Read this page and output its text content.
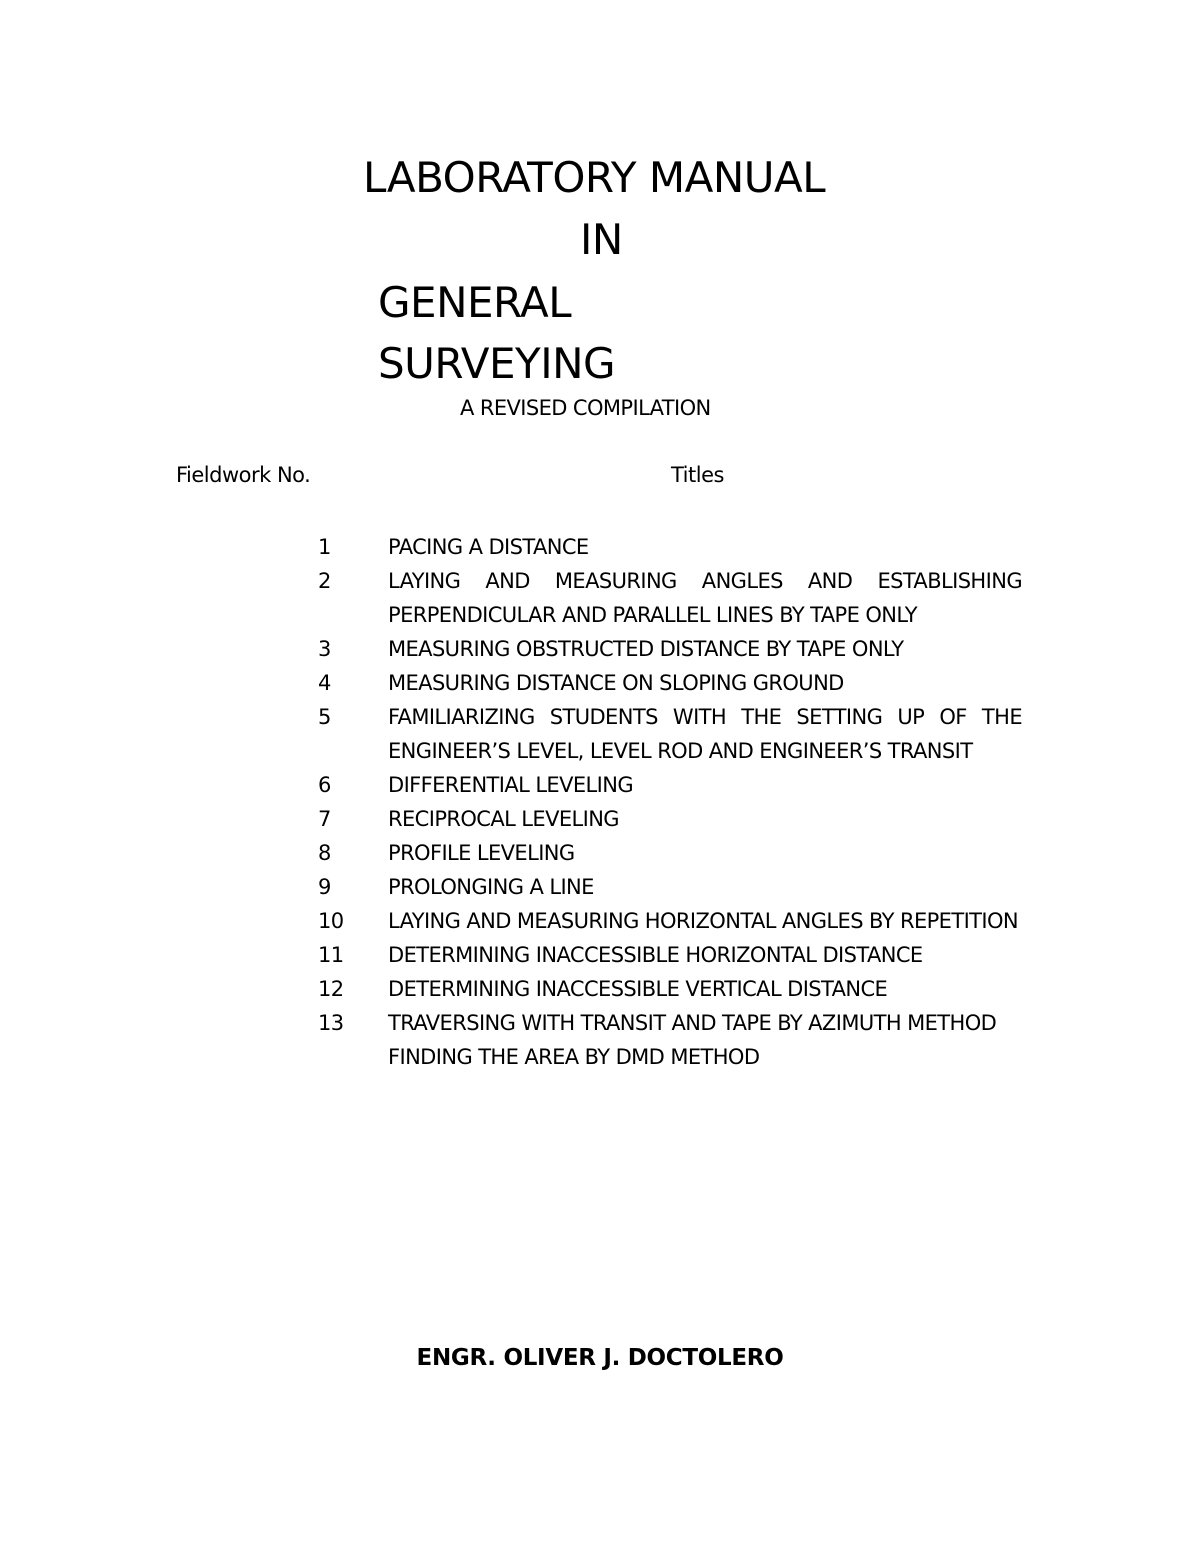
LABORATORY MANUAL
IN
GENERAL
SURVEYING
A REVISED COMPILATION
Fieldwork No.	Titles
1	PACING A DISTANCE
2	LAYING AND MEASURING ANGLES AND ESTABLISHING PERPENDICULAR AND PARALLEL LINES BY TAPE ONLY
3	MEASURING OBSTRUCTED DISTANCE BY TAPE ONLY
4	MEASURING DISTANCE ON SLOPING GROUND
5	FAMILIARIZING STUDENTS WITH THE SETTING UP OF THE ENGINEER’S LEVEL, LEVEL ROD AND ENGINEER’S TRANSIT
6	DIFFERENTIAL LEVELING
7	RECIPROCAL LEVELING
8	PROFILE LEVELING
9	PROLONGING A LINE
10	LAYING AND MEASURING HORIZONTAL ANGLES BY REPETITION
11	DETERMINING INACCESSIBLE HORIZONTAL DISTANCE
12	DETERMINING INACCESSIBLE VERTICAL DISTANCE
13	TRAVERSING WITH TRANSIT AND TAPE BY AZIMUTH METHOD
FINDING THE AREA BY DMD METHOD
ENGR. OLIVER J. DOCTOLERO
